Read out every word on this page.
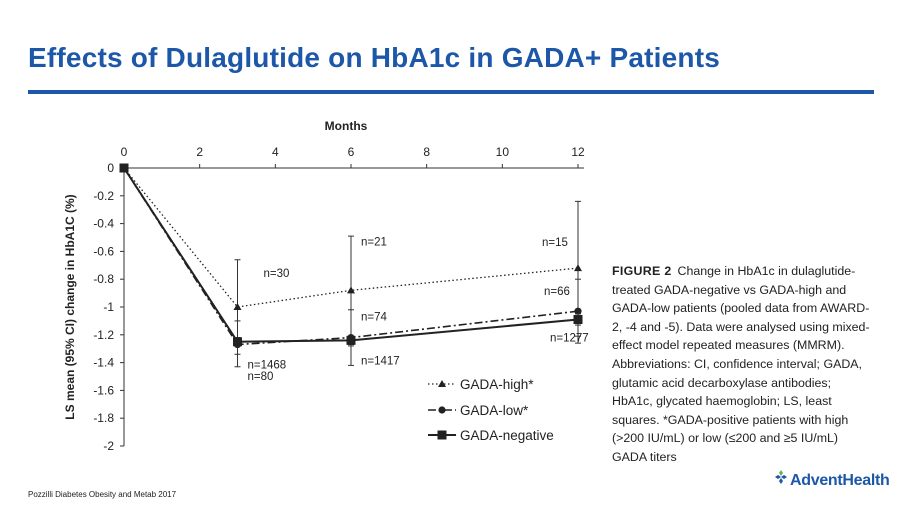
Effects of Dulaglutide on HbA1c in GADA+ Patients
0	2	4	6	8	10	12
Months
0
-0.2
-0.4
-0.6
-0.8
-1
-1.2
-1.4
-1.6
-1.8
-2
LS mean (95% CI) change in HbA1C (%)	n=30
n=21	n=15
n=1468
n=74
n=66
n=80
n=1417
n=1277
GADA-high*
GADA-low*
GADA-negative
FIGURE 2 Change in HbA1c in dulaglutide-treated GADA-negative vs GADA-high and GADA-low patients (pooled data from AWARD-2, -4 and -5). Data were analysed using mixed-effect model repeated measures (MMRM). Abbreviations: CI, confidence interval; GADA, glutamic acid decarboxylase antibodies; HbA1c, glycated haemoglobin; LS, least squares. *GADA-positive patients with high (>200 IU/mL) or low (≤200 and ≥5 IU/mL) GADA titers
Pozzilli Diabetes Obesity and Metab 2017
AdventHealth
